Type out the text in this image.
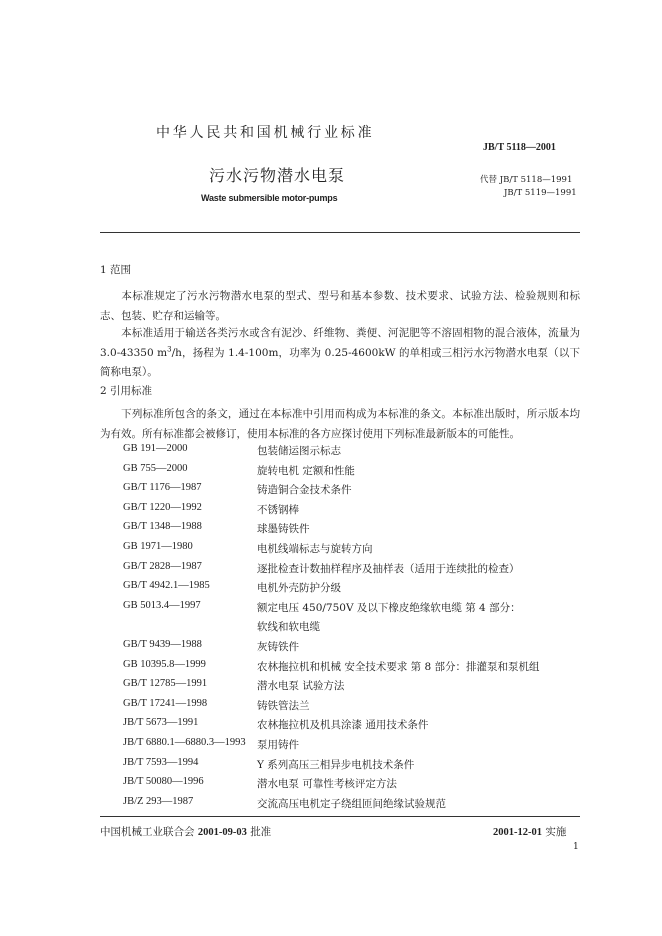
中华人民共和国机械行业标准
JB/T 5118—2001
污水污物潜水电泵
Waste submersible motor-pumps
代替 JB/T 5118—1991
JB/T 5119—1991
1 范围
本标准规定了污水污物潜水电泵的型式、型号和基本参数、技术要求、试验方法、检验规则和标志、包装、贮存和运输等。
本标准适用于输送各类污水或含有泥沙、纤维物、粪便、河泥肥等不溶固相物的混合液体，流量为 3.0-43350 $m^3/h$，扬程为 1.4-100m，功率为 0.25-4600kW 的单相或三相污水污物潜水电泵（以下简称电泵）。
2 引用标准
下列标准所包含的条文，通过在本标准中引用而构成为本标准的条文。本标准出版时，所示版本均为有效。所有标准都会被修订，使用本标准的各方应探讨使用下列标准最新版本的可能性。
GB 191—2000	包装储运图示标志
GB 755—2000	旋转电机 定额和性能
GB/T 1176—1987	铸造铜合金技术条件
GB/T 1220—1992	不锈钢棒
GB/T 1348—1988	球墨铸铁件
GB 1971—1980	电机线端标志与旋转方向
GB/T 2828—1987	逐批检查计数抽样程序及抽样表（适用于连续批的检查）
GB/T 4942.1—1985	电机外壳防护分级
GB 5013.4—1997	额定电压 450/750V 及以下橡皮绝缘软电缆 第 4 部分：
软线和软电缆
GB/T 9439—1988	灰铸铁件
GB 10395.8—1999	农林拖拉机和机械 安全技术要求 第 8 部分：排灌泵和泵机组
GB/T 12785—1991	潜水电泵 试验方法
GB/T 17241—1998	铸铁管法兰
JB/T 5673—1991	农林拖拉机及机具涂漆 通用技术条件
JB/T 6880.1—6880.3—1993	泵用铸件
JB/T 7593—1994	Y 系列高压三相异步电机技术条件
JB/T 50080—1996	潜水电泵 可靠性考核评定方法
JB/Z 293—1987	交流高压电机定子绕组匝间绝缘试验规范
中国机械工业联合会 2001-09-03 批准	2001-12-01 实施
1
